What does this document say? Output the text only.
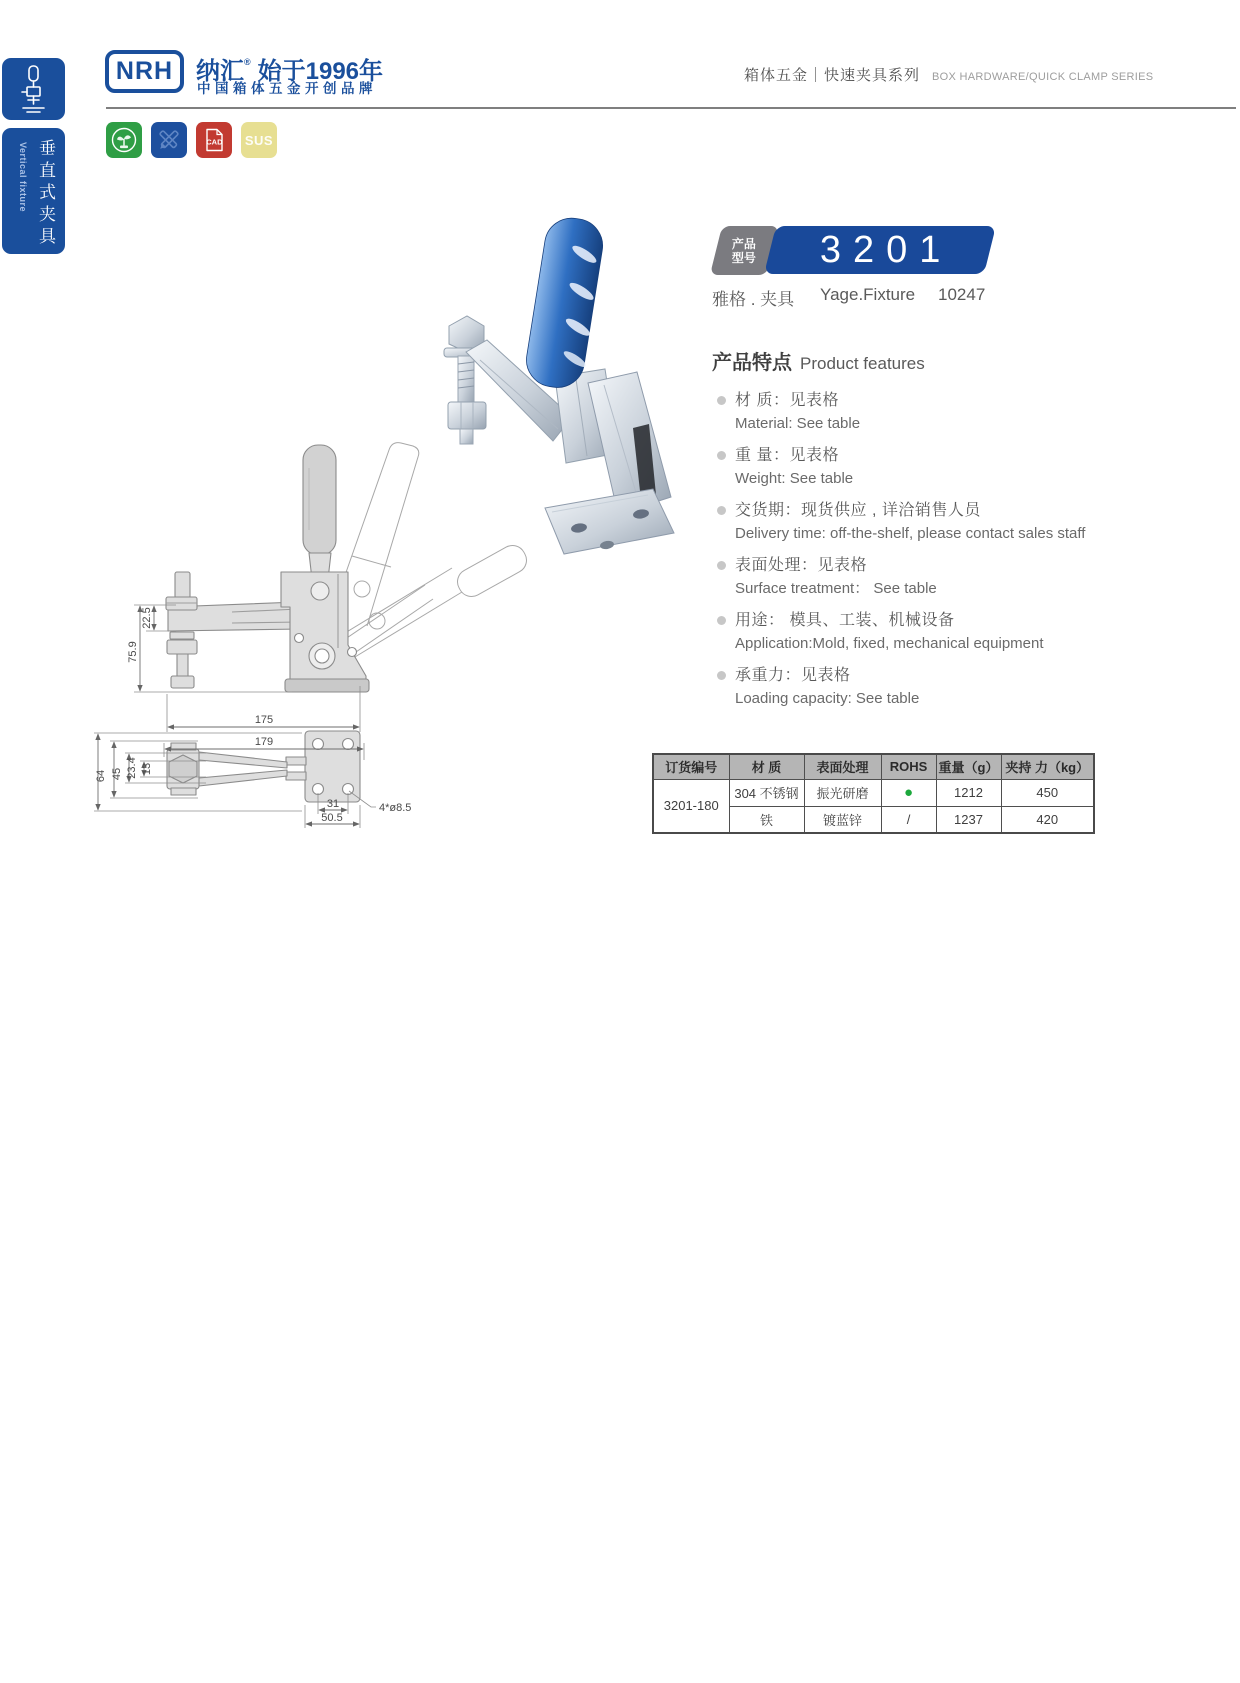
垂直式夹具
Vertical fixture
NRH 纳汇® 始于1996年
中国箱体五金开创品牌
箱体五金｜快速夹具系列 BOX HARDWARE/QUICK CLAMP SERIES
CAD SUS
产品
型号	3201
雅格 . 夹具 Yage.Fixture 10247
产品特点 Product features
材 质：见表格
Material: See table
重 量：见表格
Weight: See table
交货期：现货供应 , 详洽销售人员
Delivery time: off-the-shelf, please contact sales staff
表面处理：见表格
Surface treatment： See table
用途： 模具、工装、机械设备
Application:Mold, fixed, mechanical equipment
承重力：见表格
Loading capacity: See table
订货编号	材 质	表面处理	ROHS	重量（g）	夹持 力（kg）
3201-180	304 不锈钢	振光研磨	●	1212	450
	铁	镀蓝锌	/	1237	420
22.5
75.9
175
179
64 45 23.4 13
31
50.5
4*ø8.5
